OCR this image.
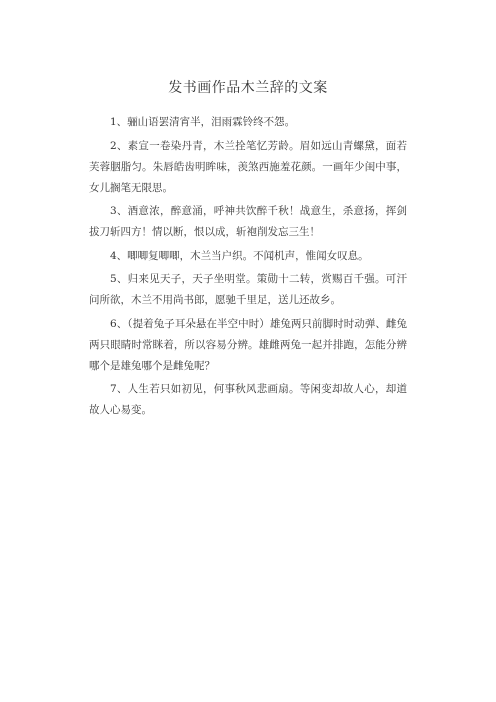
发书画作品木兰辞的文案

1、骊山语罢清宵半，泪雨霖铃终不怨。

2、素宣一卷染丹青，木兰拴笔忆芳龄。眉如远山青螺黛，面若芙蓉胭脂匀。朱唇皓齿明眸味，羡煞西施羞花颜。一画年少闺中事，女儿搁笔无限思。

3、酒意浓，醉意涌，呼神共饮醉千秋！战意生，杀意扬，挥剑拔刀斩四方！情以断，恨以成，斩袍削发忘三生！

4、唧唧复唧唧，木兰当户织。不闻机声，惟闻女叹息。

5、归来见天子，天子坐明堂。策勋十二转，赏赐百千强。可汗问所欲，木兰不用尚书郎，愿驰千里足，送儿还故乡。

6、（提着兔子耳朵悬在半空中时）雄兔两只前脚时时动弹、雌兔两只眼睛时常眯着，所以容易分辨。雄雌两兔一起并排跑，怎能分辨哪个是雄兔哪个是雌兔呢？

7、人生若只如初见，何事秋风悲画扇。等闲变却故人心，却道故人心易变。
